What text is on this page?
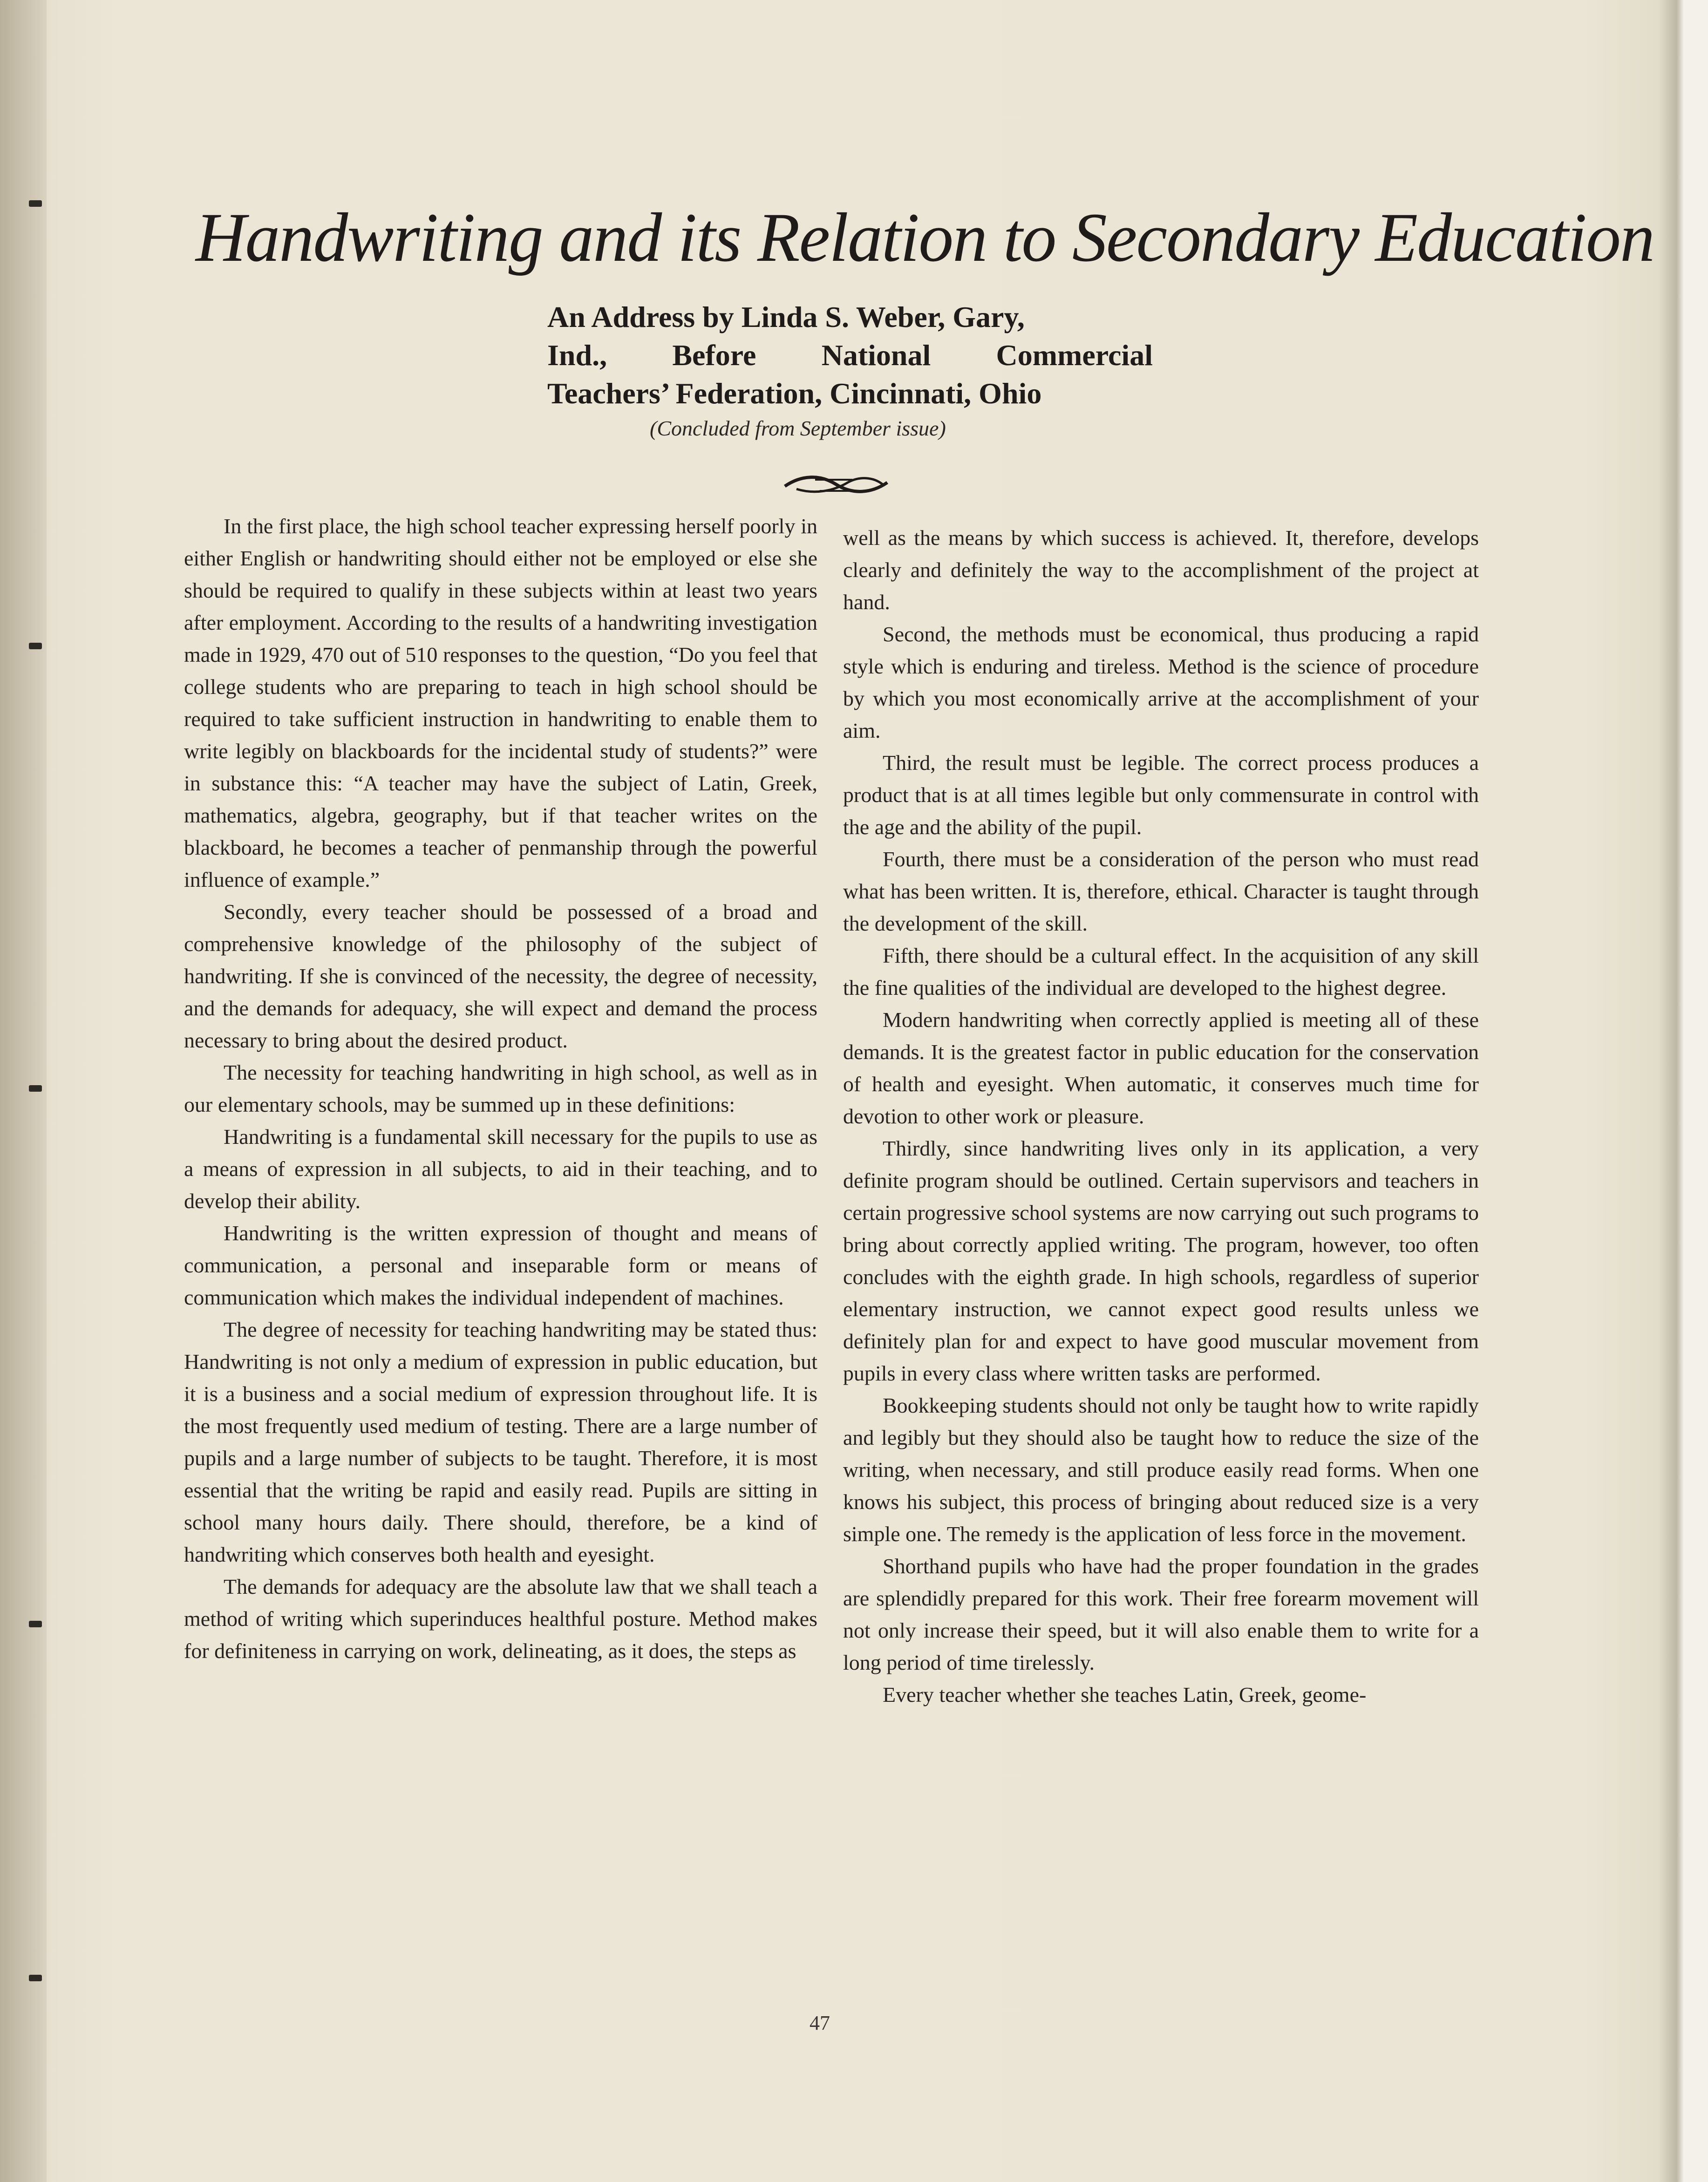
Handwriting and its Relation to Secondary Education
An Address by Linda S. Weber, Gary,
Ind., Before National Commercial
Teachers’ Federation, Cincinnati, Ohio
(Concluded from September issue)

In the first place, the high school teacher expressing herself poorly in either English or handwriting should either not be employed or else she should be required to qualify in these subjects within at least two years after employment. According to the results of a handwriting investigation made in 1929, 470 out of 510 responses to the question, “Do you feel that college students who are preparing to teach in high school should be required to take sufficient instruction in handwriting to enable them to write legibly on blackboards for the incidental study of students?” were in substance this: “A teacher may have the subject of Latin, Greek, mathematics, algebra, geography, but if that teacher writes on the blackboard, he becomes a teacher of penmanship through the powerful influence of example.”

Secondly, every teacher should be possessed of a broad and comprehensive knowledge of the philosophy of the subject of handwriting. If she is convinced of the necessity, the degree of necessity, and the demands for adequacy, she will expect and demand the process necessary to bring about the desired product.

The necessity for teaching handwriting in high school, as well as in our elementary schools, may be summed up in these definitions:

Handwriting is a fundamental skill necessary for the pupils to use as a means of expression in all subjects, to aid in their teaching, and to develop their ability.

Handwriting is the written expression of thought and means of communication, a personal and inseparable form or means of communication which makes the individual independent of machines.

The degree of necessity for teaching handwriting may be stated thus: Handwriting is not only a medium of expression in public education, but it is a business and a social medium of expression throughout life. It is the most frequently used medium of testing. There are a large number of pupils and a large number of subjects to be taught. Therefore, it is most essential that the writing be rapid and easily read. Pupils are sitting in school many hours daily. There should, therefore, be a kind of handwriting which conserves both health and eyesight.

The demands for adequacy are the absolute law that we shall teach a method of writing which superinduces healthful posture. Method makes for definiteness in carrying on work, delineating, as it does, the steps as

well as the means by which success is achieved. It, therefore, develops clearly and definitely the way to the accomplishment of the project at hand.

Second, the methods must be economical, thus producing a rapid style which is enduring and tireless. Method is the science of procedure by which you most economically arrive at the accomplishment of your aim.

Third, the result must be legible. The correct process produces a product that is at all times legible but only commensurate in control with the age and the ability of the pupil.

Fourth, there must be a consideration of the person who must read what has been written. It is, therefore, ethical. Character is taught through the development of the skill.

Fifth, there should be a cultural effect. In the acquisition of any skill the fine qualities of the individual are developed to the highest degree.

Modern handwriting when correctly applied is meeting all of these demands. It is the greatest factor in public education for the conservation of health and eyesight. When automatic, it conserves much time for devotion to other work or pleasure.

Thirdly, since handwriting lives only in its application, a very definite program should be outlined. Certain supervisors and teachers in certain progressive school systems are now carrying out such programs to bring about correctly applied writing. The program, however, too often concludes with the eighth grade. In high schools, regardless of superior elementary instruction, we cannot expect good results unless we definitely plan for and expect to have good muscular movement from pupils in every class where written tasks are performed.

Bookkeeping students should not only be taught how to write rapidly and legibly but they should also be taught how to reduce the size of the writing, when necessary, and still produce easily read forms. When one knows his subject, this process of bringing about reduced size is a very simple one. The remedy is the application of less force in the movement.

Shorthand pupils who have had the proper foundation in the grades are splendidly prepared for this work. Their free forearm movement will not only increase their speed, but it will also enable them to write for a long period of time tirelessly.

Every teacher whether she teaches Latin, Greek, geome-

47
